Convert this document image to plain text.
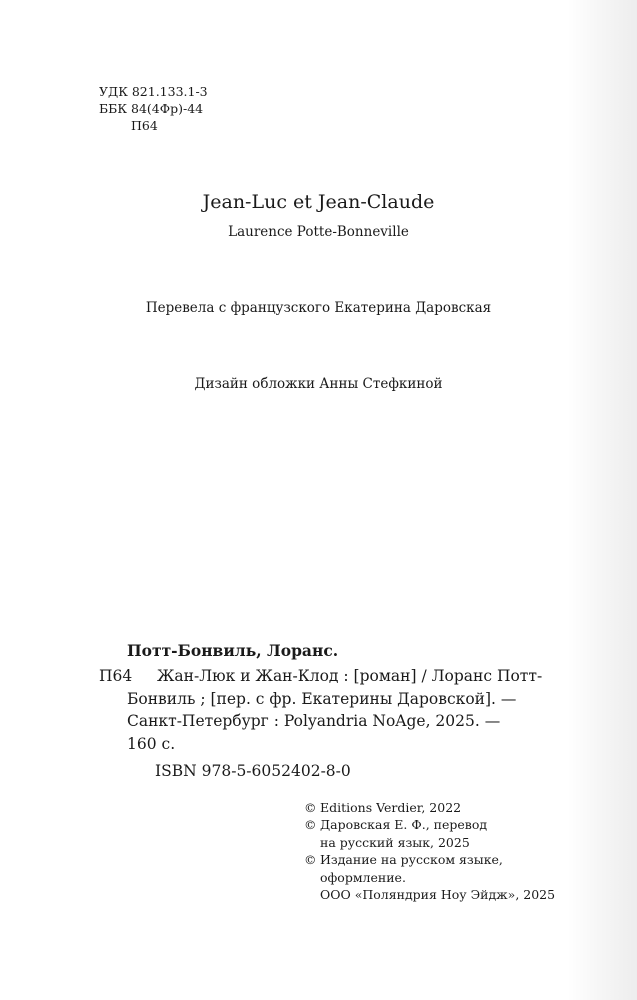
УДК 821.133.1-3
ББК 84(4Фр)-44
П64
Jean-Luc et Jean-Claude
Laurence Potte-Bonneville
Перевела с французского Екатерина Даровская
Дизайн обложки Анны Стефкиной
Потт-Бонвиль, Лоранс.
П64	Жан-Люк и Жан-Клод : [роман] / Лоранс Потт-
Бонвиль ; [пер. с фр. Екатерины Даровской]. —
Санкт-Петербург : Polyandria NoAge, 2025. —
160 с.
ISBN 978-5-6052402-8-0
© Editions Verdier, 2022
© Даровская Е. Ф., перевод
на русский язык, 2025
© Издание на русском языке,
оформление.
ООО «Поляндрия Ноу Эйдж», 2025
